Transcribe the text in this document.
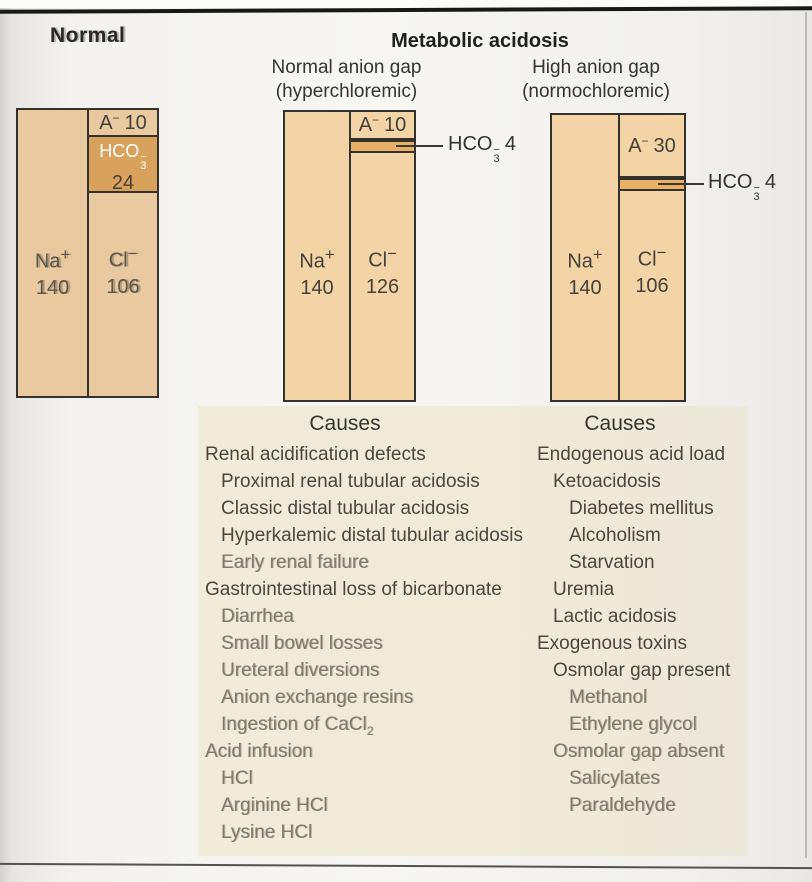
Normal	Metabolic acidosis
Normal anion gap
(hyperchloremic)
High anion gap
(normochloremic)
Na+
140
A− 10
HCO −
3
24
Cl−
106
Na+
140
A− 10
Cl−
126
HCO −
3
4
Na+
140
A− 30
Cl−
106
HCO −
3
4
Causes	Causes
Renal acidification defects
Proximal renal tubular acidosis
Classic distal tubular acidosis
Hyperkalemic distal tubular acidosis
Early renal failure
Gastrointestinal loss of bicarbonate
Diarrhea
Small bowel losses
Ureteral diversions
Anion exchange resins
Ingestion of CaCl$_2$
Acid infusion
HCl
Arginine HCl
Lysine HCl
Endogenous acid load
Ketoacidosis
Diabetes mellitus
Alcoholism
Starvation
Uremia
Lactic acidosis
Exogenous toxins
Osmolar gap present
Methanol
Ethylene glycol
Osmolar gap absent
Salicylates
Paraldehyde
